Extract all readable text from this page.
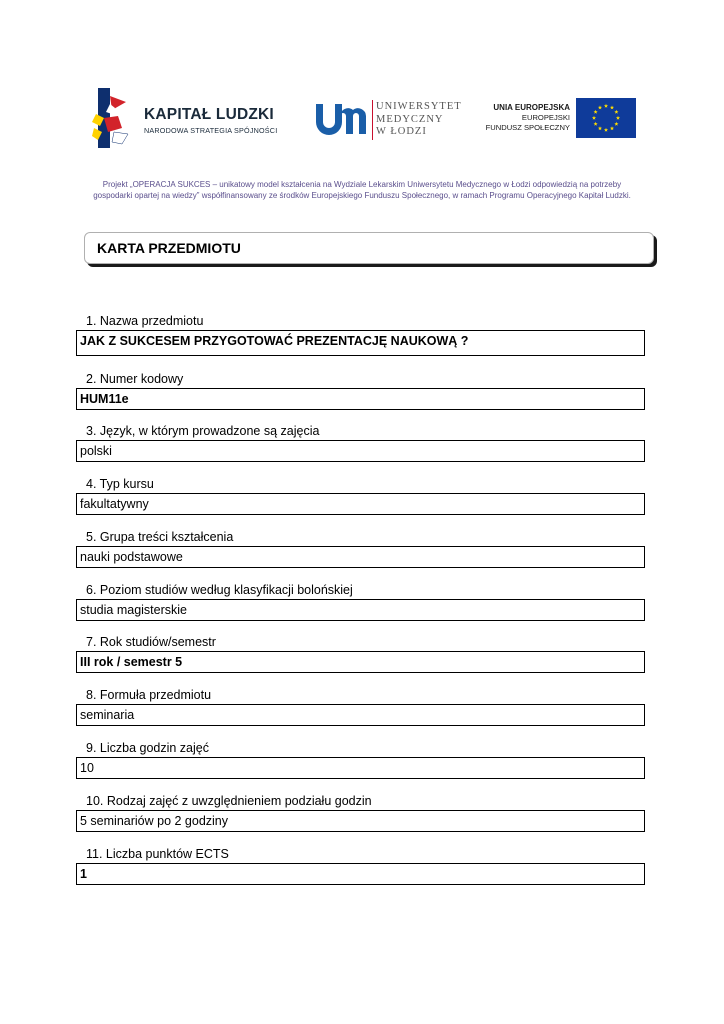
KAPITAŁ LUDZKI
NARODOWA STRATEGIA SPÓJNOŚCI
UNIWERSYTET
MEDYCZNY
W ŁODZI
UNIA EUROPEJSKA
EUROPEJSKI
FUNDUSZ SPOŁECZNY
Projekt „OPERACJA SUKCES – unikatowy model kształcenia na Wydziale Lekarskim Uniwersytetu Medycznego w Łodzi odpowiedzią na potrzeby gospodarki opartej na wiedzy” współfinansowany ze środków Europejskiego Funduszu Społecznego, w ramach Programu Operacyjnego Kapitał Ludzki.
KARTA PRZEDMIOTU
1. Nazwa przedmiotu
JAK Z SUKCESEM PRZYGOTOWAĆ PREZENTACJĘ NAUKOWĄ ?
2. Numer kodowy
HUM11e
3. Język, w którym prowadzone są zajęcia
polski
4. Typ kursu
fakultatywny
5. Grupa treści kształcenia
nauki podstawowe
6. Poziom studiów według klasyfikacji bolońskiej
studia magisterskie
7. Rok studiów/semestr
III rok / semestr 5
8. Formuła przedmiotu
seminaria
9. Liczba godzin zajęć
10
10. Rodzaj zajęć z uwzględnieniem podziału godzin
5 seminariów po 2 godziny
11. Liczba punktów ECTS
1
